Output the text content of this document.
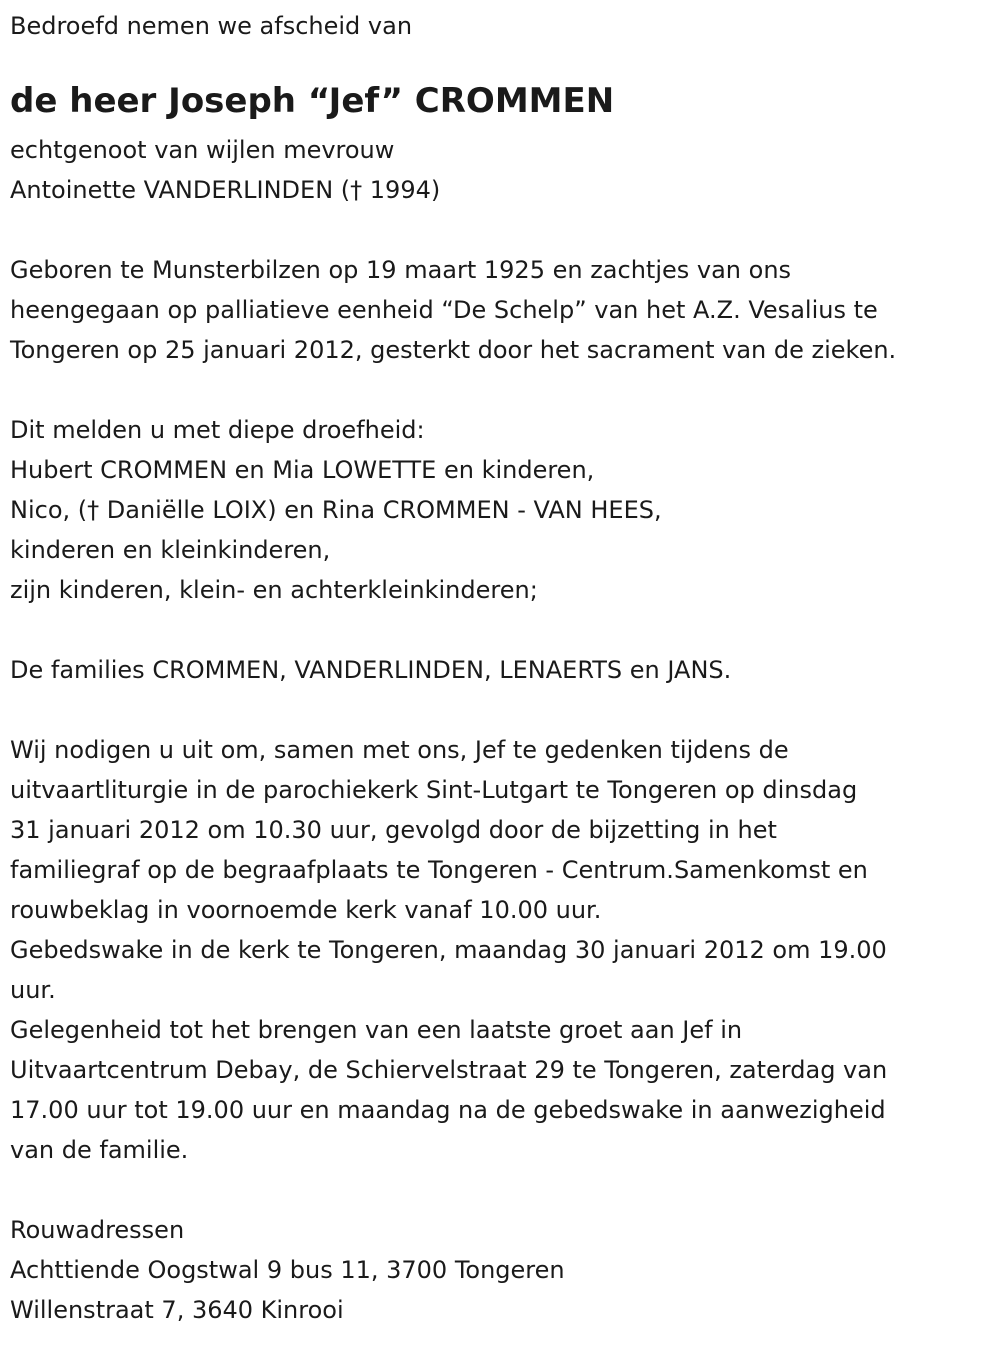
Bedroefd nemen we afscheid van
de heer Joseph “Jef” CROMMEN
echtgenoot van wijlen mevrouw
Antoinette VANDERLINDEN († 1994)
Geboren te Munsterbilzen op 19 maart 1925 en zachtjes van ons
heengegaan op palliatieve eenheid “De Schelp” van het A.Z. Vesalius te
Tongeren op 25 januari 2012, gesterkt door het sacrament van de zieken.
Dit melden u met diepe droefheid:
Hubert CROMMEN en Mia LOWETTE en kinderen,
Nico, († Daniëlle LOIX) en Rina CROMMEN - VAN HEES,
kinderen en kleinkinderen,
zijn kinderen, klein- en achterkleinkinderen;
De families CROMMEN, VANDERLINDEN, LENAERTS en JANS.
Wij nodigen u uit om, samen met ons, Jef te gedenken tijdens de
uitvaartliturgie in de parochiekerk Sint-Lutgart te Tongeren op dinsdag
31 januari 2012 om 10.30 uur, gevolgd door de bijzetting in het
familiegraf op de begraafplaats te Tongeren - Centrum.Samenkomst en
rouwbeklag in voornoemde kerk vanaf 10.00 uur.
Gebedswake in de kerk te Tongeren, maandag 30 januari 2012 om 19.00
uur.
Gelegenheid tot het brengen van een laatste groet aan Jef in
Uitvaartcentrum Debay, de Schiervelstraat 29 te Tongeren, zaterdag van
17.00 uur tot 19.00 uur en maandag na de gebedswake in aanwezigheid
van de familie.
Rouwadressen
Achttiende Oogstwal 9 bus 11, 3700 Tongeren
Willenstraat 7, 3640 Kinrooi
